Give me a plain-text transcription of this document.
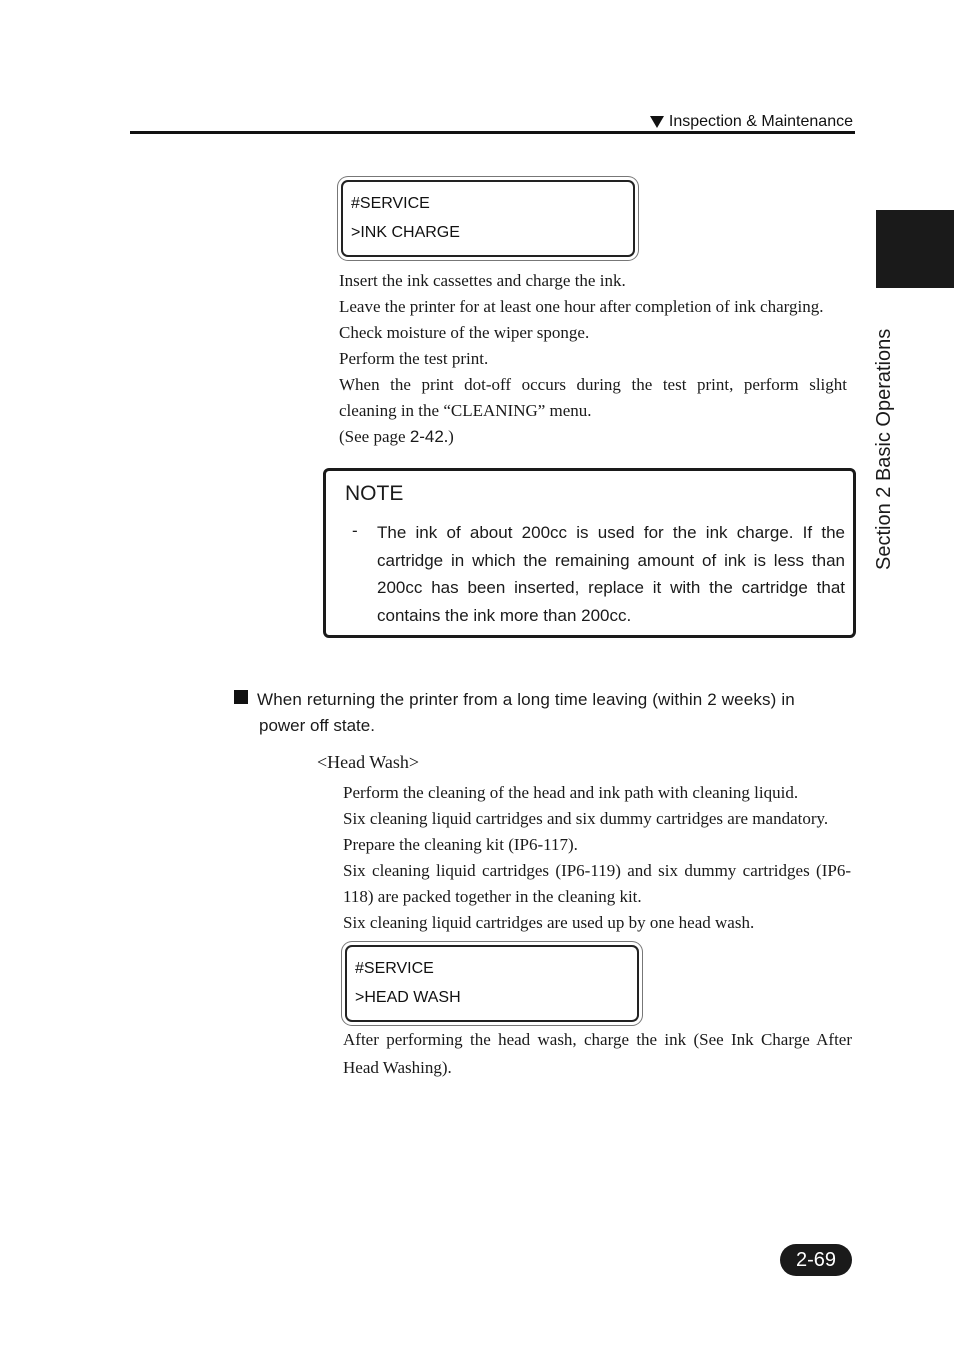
Inspection & Maintenance
Section 2 Basic Operations
#SERVICE
>INK CHARGE
Insert the ink cassettes and charge the ink.
Leave the printer for at least one hour after completion of ink charging.
Check moisture of the wiper sponge.
Perform the test print.
When the print dot-off occurs during the test print, perform slight
cleaning in the “CLEANING” menu.
(See page 2-42.)
NOTE
- The ink of about 200cc is used for the ink charge. If the cartridge in which the remaining amount of ink is less than 200cc has been inserted, replace it with the cartridge that contains the ink more than 200cc.
When returning the printer from a long time leaving (within 2 weeks) in
power off state.
<Head Wash>
Perform the cleaning of the head and ink path with cleaning liquid.
Six cleaning liquid cartridges and six dummy cartridges are mandatory.
Prepare the cleaning kit (IP6-117).
Six cleaning liquid cartridges (IP6-119) and six dummy cartridges (IP6-
118) are packed together in the cleaning kit.
Six cleaning liquid cartridges are used up by one head wash.
#SERVICE
>HEAD WASH
After performing the head wash, charge the ink (See Ink Charge After
Head Washing).
2-69
